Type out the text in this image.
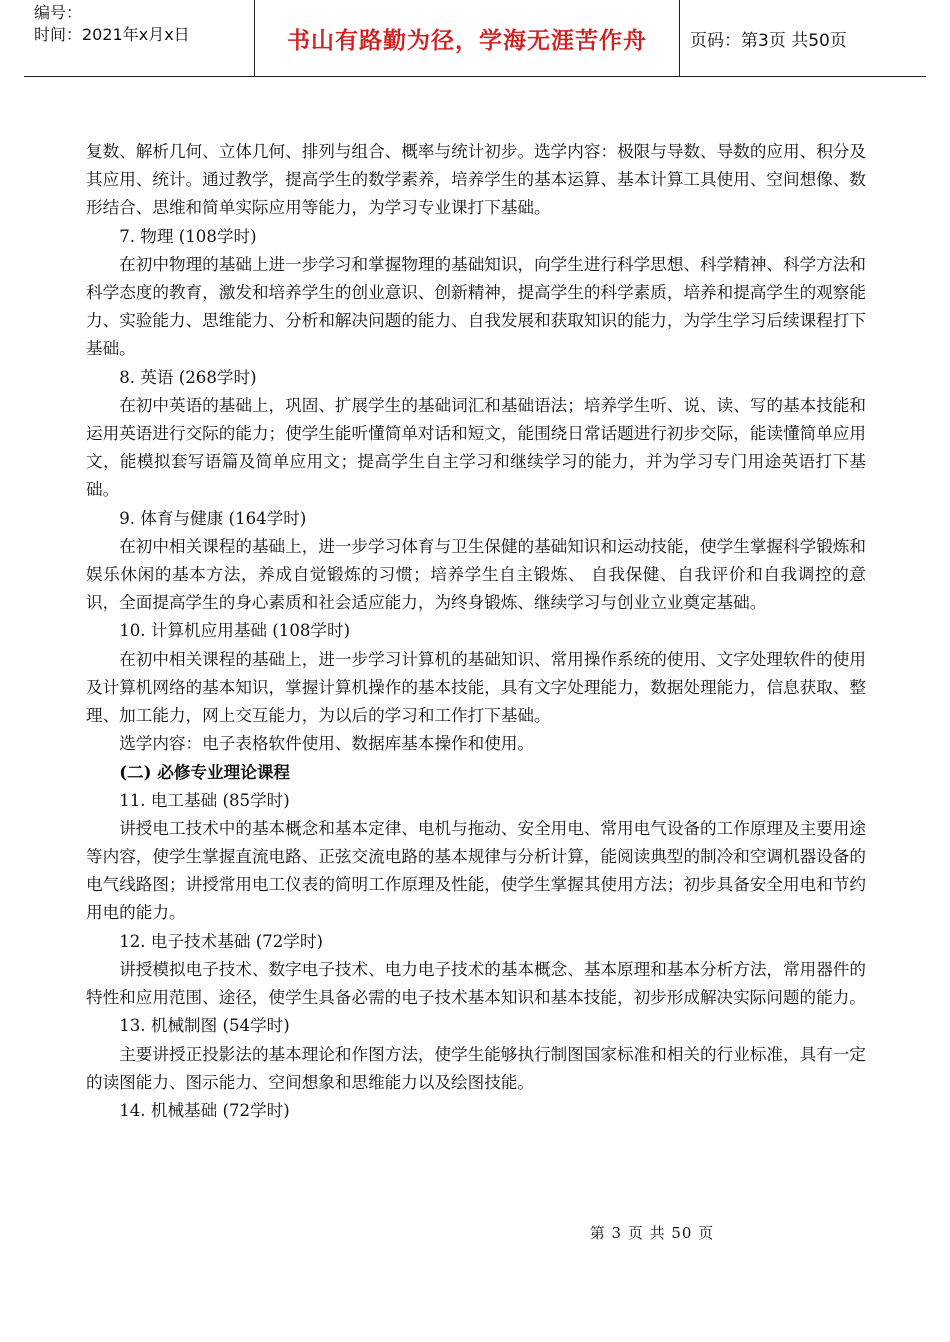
编号：
时间：2021年x月x日	书山有路勤为径，学海无涯苦作舟	页码：第3页 共50页

复数、解析几何、立体几何、排列与组合、概率与统计初步。选学内容：极限与导数、导数的应用、积分及其应用、统计。通过教学，提高学生的数学素养，培养学生的基本运算、基本计算工具使用、空间想像、数形结合、思维和简单实际应用等能力，为学习专业课打下基础。

7. 物理 (108学时)

在初中物理的基础上进一步学习和掌握物理的基础知识，向学生进行科学思想、科学精神、科学方法和科学态度的教育，激发和培养学生的创业意识、创新精神，提高学生的科学素质，培养和提高学生的观察能力、实验能力、思维能力、分析和解决问题的能力、自我发展和获取知识的能力，为学生学习后续课程打下基础。

8. 英语 (268学时)

在初中英语的基础上，巩固、扩展学生的基础词汇和基础语法；培养学生听、说、读、写的基本技能和运用英语进行交际的能力；使学生能听懂简单对话和短文，能围绕日常话题进行初步交际，能读懂简单应用文，能模拟套写语篇及简单应用文；提高学生自主学习和继续学习的能力，并为学习专门用途英语打下基础。

9. 体育与健康 (164学时)

在初中相关课程的基础上，进一步学习体育与卫生保健的基础知识和运动技能，使学生掌握科学锻炼和娱乐休闲的基本方法，养成自觉锻炼的习惯；培养学生自主锻炼、 自我保健、自我评价和自我调控的意识，全面提高学生的身心素质和社会适应能力，为终身锻炼、继续学习与创业立业奠定基础。

10. 计算机应用基础 (108学时)

在初中相关课程的基础上，进一步学习计算机的基础知识、常用操作系统的使用、文字处理软件的使用及计算机网络的基本知识，掌握计算机操作的基本技能，具有文字处理能力，数据处理能力，信息获取、整理、加工能力，网上交互能力，为以后的学习和工作打下基础。

选学内容：电子表格软件使用、数据库基本操作和使用。

(二) 必修专业理论课程

11. 电工基础 (85学时)

讲授电工技术中的基本概念和基本定律、电机与拖动、安全用电、常用电气设备的工作原理及主要用途等内容，使学生掌握直流电路、正弦交流电路的基本规律与分析计算，能阅读典型的制冷和空调机器设备的电气线路图；讲授常用电工仪表的简明工作原理及性能，使学生掌握其使用方法；初步具备安全用电和节约用电的能力。

12. 电子技术基础 (72学时)

讲授模拟电子技术、数字电子技术、电力电子技术的基本概念、基本原理和基本分析方法，常用器件的特性和应用范围、途径，使学生具备必需的电子技术基本知识和基本技能，初步形成解决实际问题的能力。

13. 机械制图 (54学时)

主要讲授正投影法的基本理论和作图方法，使学生能够执行制图国家标准和相关的行业标准，具有一定的读图能力、图示能力、空间想象和思维能力以及绘图技能。

14. 机械基础 (72学时)

第 3 页 共 50 页
